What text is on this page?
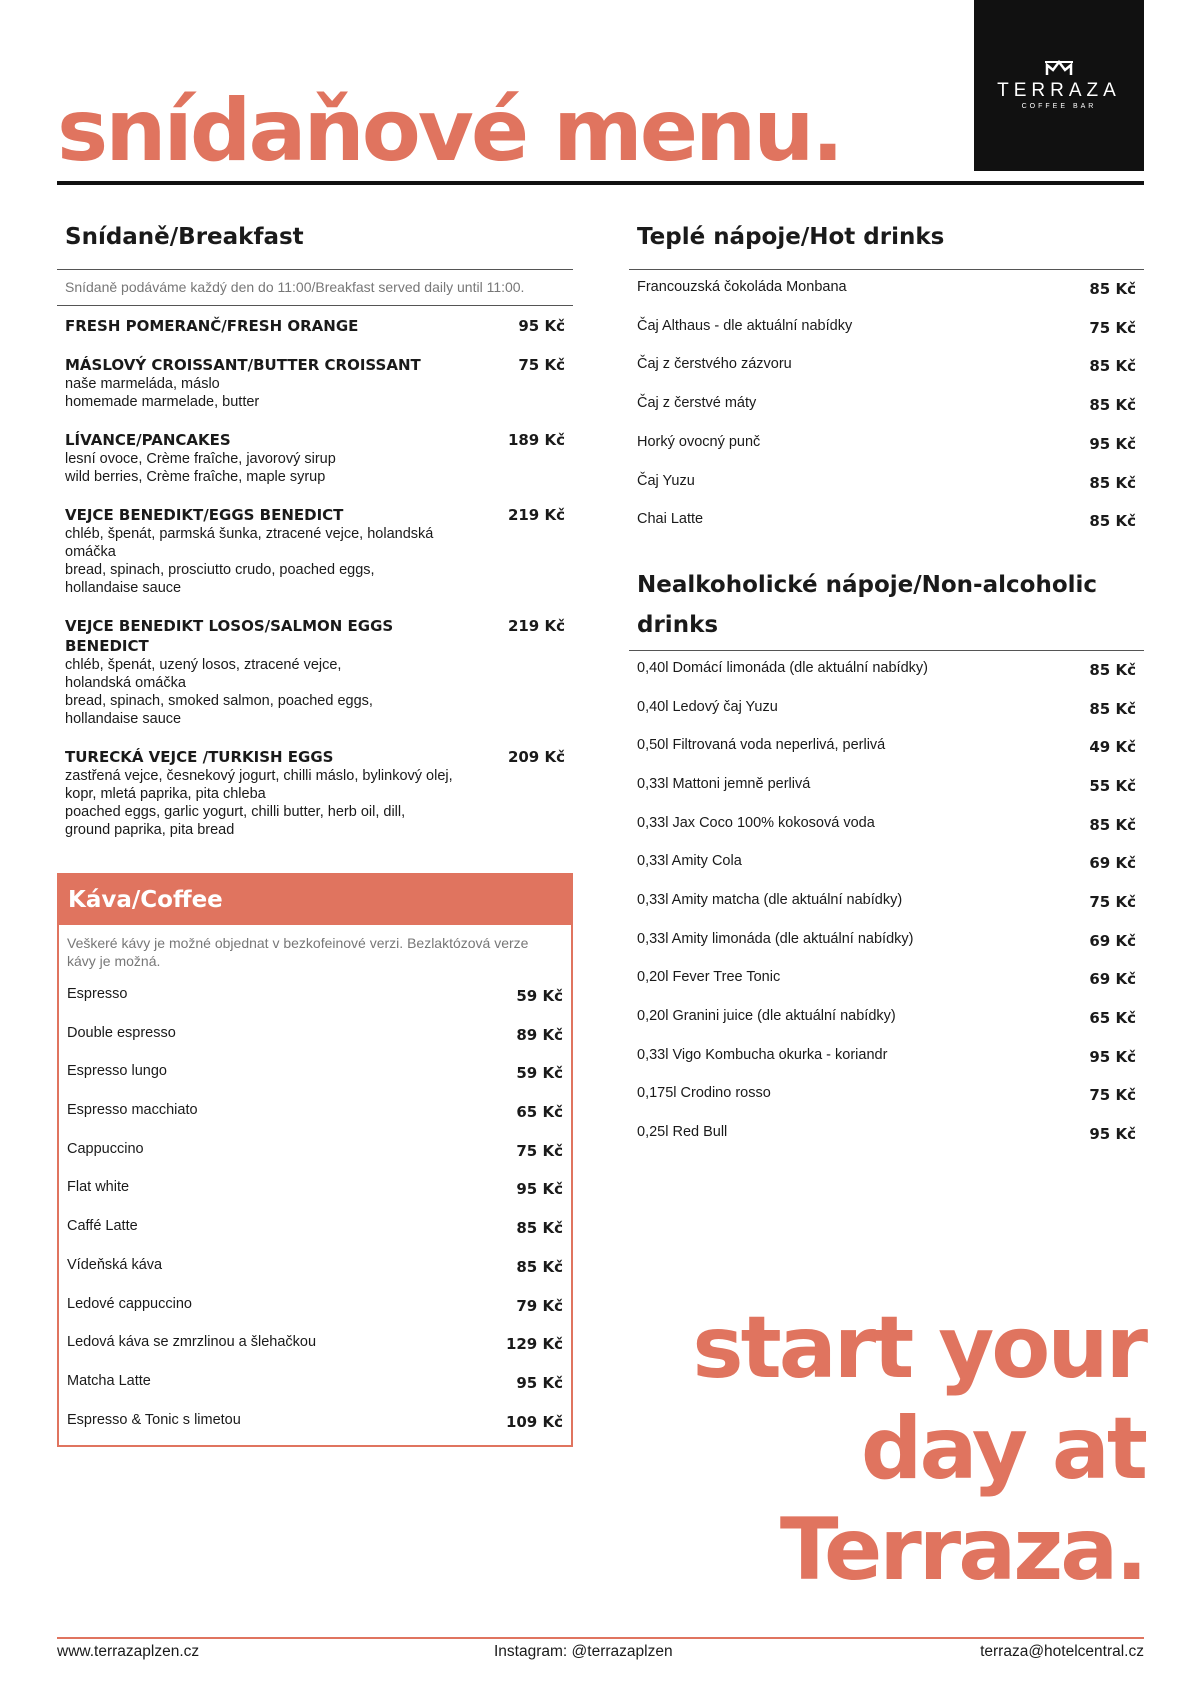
snídaňové menu.	TERRAZA
COFFEE BAR
Snídaně/Breakfast
Snídaně podáváme každý den do 11:00/Breakfast served daily until 11:00.
FRESH POMERANČ/FRESH ORANGE	95 Kč
MÁSLOVÝ CROISSANT/BUTTER CROISSANT	75 Kč
naše marmeláda, máslo
homemade marmelade, butter
LÍVANCE/PANCAKES	189 Kč
lesní ovoce, Crème fraîche, javorový sirup
wild berries, Crème fraîche, maple syrup
VEJCE BENEDIKT/EGGS BENEDICT	219 Kč
chléb, špenát, parmská šunka, ztracené vejce, holandská
omáčka
bread, spinach, prosciutto crudo, poached eggs,
hollandaise sauce
VEJCE BENEDIKT LOSOS/SALMON EGGS BENEDICT
219 Kč
chléb, špenát, uzený losos, ztracené vejce,
holandská omáčka
bread, spinach, smoked salmon, poached eggs,
hollandaise sauce
TURECKÁ VEJCE /TURKISH EGGS	209 Kč
zastřená vejce, česnekový jogurt, chilli máslo, bylinkový olej,
kopr, mletá paprika, pita chleba
poached eggs, garlic yogurt, chilli butter, herb oil, dill,
ground paprika, pita bread
Káva/Coffee
Veškeré kávy je možné objednat v bezkofeinové verzi. Bezlaktózová verze kávy je možná.
Espresso	59 Kč
Double espresso	89 Kč
Espresso lungo	59 Kč
Espresso macchiato	65 Kč
Cappuccino	75 Kč
Flat white	95 Kč
Caffé Latte	85 Kč
Vídeňská káva	85 Kč
Ledové cappuccino	79 Kč
Ledová káva se zmrzlinou a šlehačkou	129 Kč
Matcha Latte	95 Kč
Espresso & Tonic s limetou	109 Kč
Teplé nápoje/Hot drinks
Francouzská čokoláda Monbana	85 Kč
Čaj Althaus - dle aktuální nabídky	75 Kč
Čaj z čerstvého zázvoru	85 Kč
Čaj z čerstvé máty	85 Kč
Horký ovocný punč	95 Kč
Čaj Yuzu	85 Kč
Chai Latte	85 Kč
Nealkoholické nápoje/Non-alcoholic drinks
0,40l Domácí limonáda (dle aktuální nabídky)	85 Kč
0,40l Ledový čaj Yuzu	85 Kč
0,50l Filtrovaná voda neperlivá, perlivá	49 Kč
0,33l Mattoni jemně perlivá	55 Kč
0,33l Jax Coco 100% kokosová voda	85 Kč
0,33l Amity Cola	69 Kč
0,33l Amity matcha (dle aktuální nabídky)	75 Kč
0,33l Amity limonáda (dle aktuální nabídky)	69 Kč
0,20l Fever Tree Tonic	69 Kč
0,20l Granini juice (dle aktuální nabídky)	65 Kč
0,33l Vigo Kombucha okurka - koriandr	95 Kč
0,175l Crodino rosso	75 Kč
0,25l Red Bull	95 Kč
start your
day at
Terraza.
www.terrazaplzen.cz	Instagram: @terrazaplzen	terraza@hotelcentral.cz
